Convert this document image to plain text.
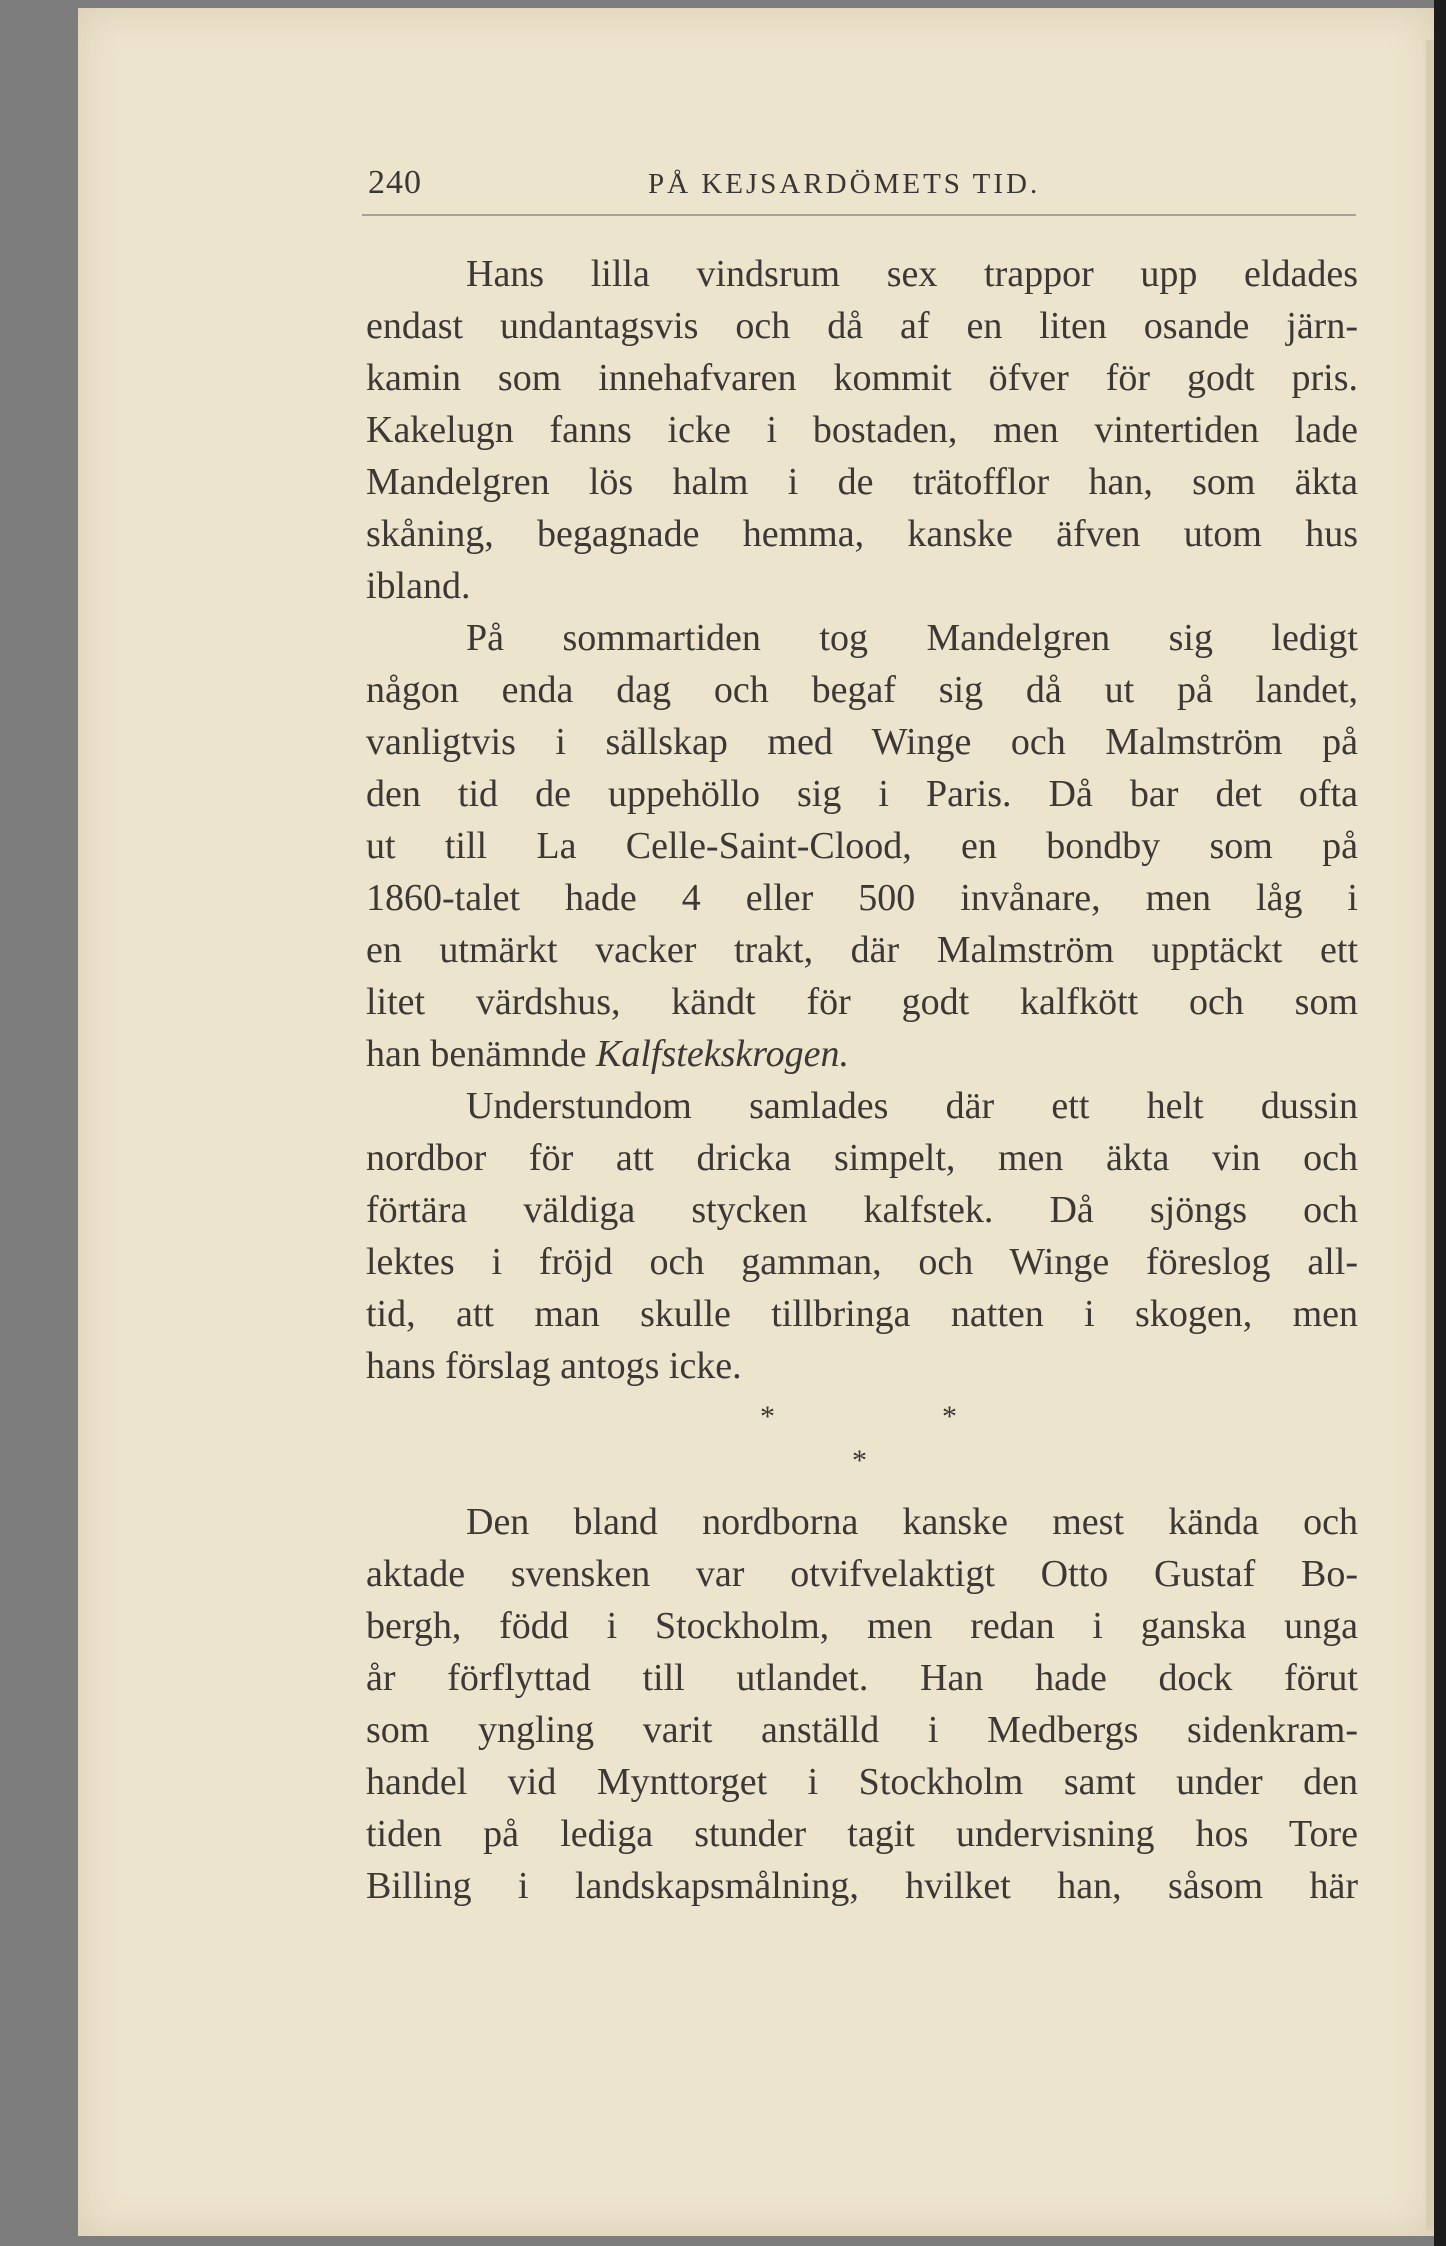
240	PÅ KEJSARDÖMETS TID.
Hans lilla vindsrum sex trappor upp eldades
endast undantagsvis och då af en liten osande järn-
kamin som innehafvaren kommit öfver för godt pris.
Kakelugn fanns icke i bostaden, men vintertiden lade
Mandelgren lös halm i de trätofflor han, som äkta
skåning, begagnade hemma, kanske äfven utom hus
ibland.
På sommartiden tog Mandelgren sig ledigt
någon enda dag och begaf sig då ut på landet,
vanligtvis i sällskap med Winge och Malmström på
den tid de uppehöllo sig i Paris. Då bar det ofta
ut till La Celle-Saint-Clood, en bondby som på
1860-talet hade 4 eller 500 invånare, men låg i
en utmärkt vacker trakt, där Malmström upptäckt ett
litet värdshus, kändt för godt kalfkött och som
han benämnde Kalfstekskrogen.
Understundom samlades där ett helt dussin
nordbor för att dricka simpelt, men äkta vin och
förtära väldiga stycken kalfstek. Då sjöngs och
lektes i fröjd och gamman, och Winge föreslog all-
tid, att man skulle tillbringa natten i skogen, men
hans förslag antogs icke.
*	*
*
Den bland nordborna kanske mest kända och
aktade svensken var otvifvelaktigt Otto Gustaf Bo-
bergh, född i Stockholm, men redan i ganska unga
år förflyttad till utlandet. Han hade dock förut
som yngling varit anställd i Medbergs sidenkram-
handel vid Mynttorget i Stockholm samt under den
tiden på lediga stunder tagit undervisning hos Tore
Billing i landskapsmålning, hvilket han, såsom här
